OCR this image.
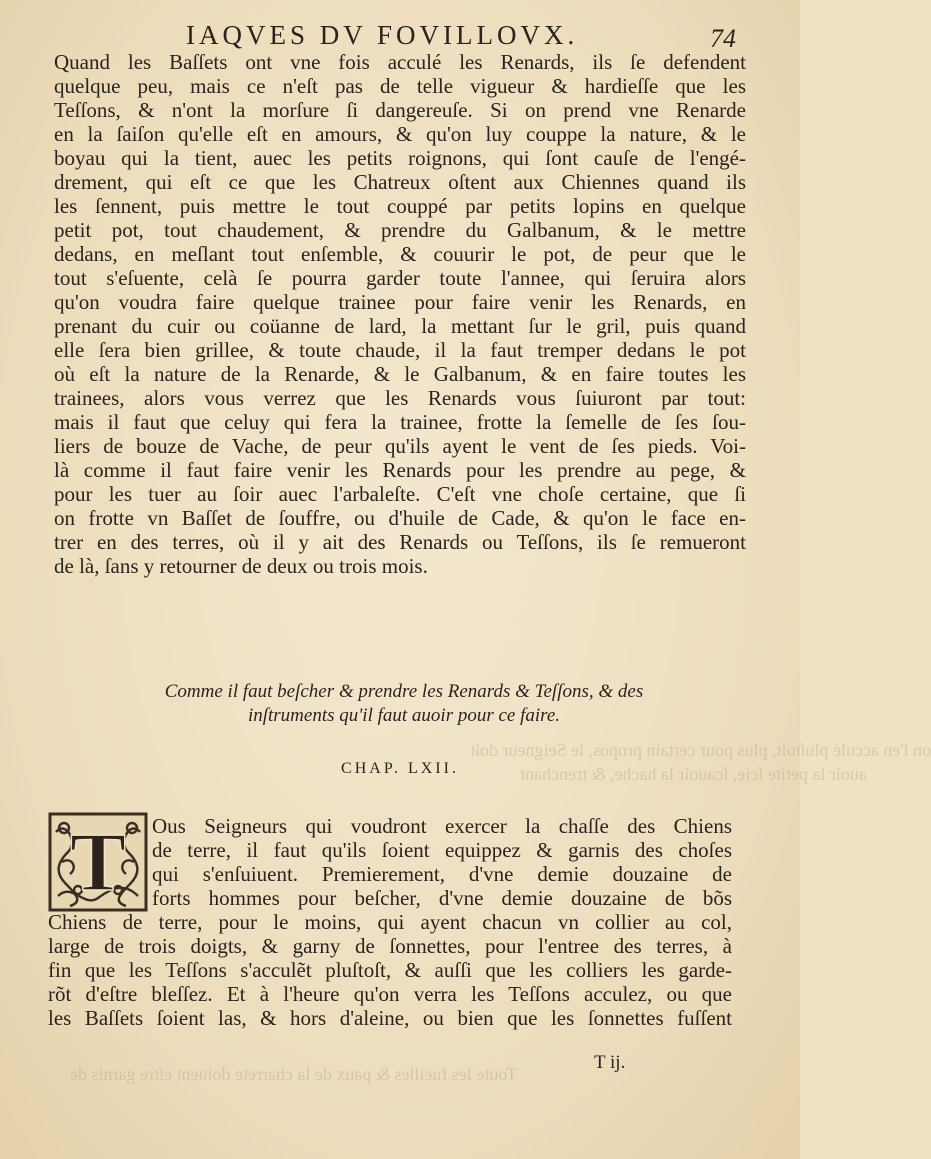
on l'en acculé pluſtoſt, plus pour certain propos, le Seigneur doit
auoir la petite ſcie, ſcauoir la hache, & trenchant
Toute les fueilles & paux de la charrete doiuent eſtre garnis de
IAQVES DV FOVILLOVX.	74
Quand les Baſſets ont vne fois acculé les Renards, ils ſe defendent
quelque peu, mais ce n'eſt pas de telle vigueur & hardieſſe que les
Teſſons, & n'ont la morſure ſi dangereuſe. Si on prend vne Renarde
en la ſaiſon qu'elle eſt en amours, & qu'on luy couppe la nature, & le
boyau qui la tient, auec les petits roignons, qui ſont cauſe de l'engé-
drement, qui eſt ce que les Chatreux oſtent aux Chiennes quand ils
les ſennent, puis mettre le tout couppé par petits lopins en quelque
petit pot, tout chaudement, & prendre du Galbanum, & le mettre
dedans, en meſlant tout enſemble, & couurir le pot, de peur que le
tout s'eſuente, celà ſe pourra garder toute l'annee, qui ſeruira alors
qu'on voudra faire quelque trainee pour faire venir les Renards, en
prenant du cuir ou coüanne de lard, la mettant ſur le gril, puis quand
elle ſera bien grillee, & toute chaude, il la faut tremper dedans le pot
où eſt la nature de la Renarde, & le Galbanum, & en faire toutes les
trainees, alors vous verrez que les Renards vous ſuiuront par tout:
mais il faut que celuy qui fera la trainee, frotte la ſemelle de ſes ſou-
liers de bouze de Vache, de peur qu'ils ayent le vent de ſes pieds. Voi-
là comme il faut faire venir les Renards pour les prendre au pege, &
pour les tuer au ſoir auec l'arbaleſte. C'eſt vne choſe certaine, que ſi
on frotte vn Baſſet de ſouffre, ou d'huile de Cade, & qu'on le face en-
trer en des terres, où il y ait des Renards ou Teſſons, ils ſe remueront
de là, ſans y retourner de deux ou trois mois.
Comme il faut beſcher & prendre les Renards & Teſſons, & des
inſtruments qu'il faut auoir pour ce faire.
CHAP. LXII.
T Ous Seigneurs qui voudront exercer la chaſſe des Chiens
de terre, il faut qu'ils ſoient equippez & garnis des choſes
qui s'enſuiuent. Premierement, d'vne demie douzaine de
forts hommes pour beſcher, d'vne demie douzaine de bõs
Chiens de terre, pour le moins, qui ayent chacun vn collier au col,
large de trois doigts, & garny de ſonnettes, pour l'entree des terres, à
fin que les Teſſons s'acculẽt pluſtoſt, & auſſi que les colliers les garde-
rõt d'eſtre bleſſez. Et à l'heure qu'on verra les Teſſons acculez, ou que
les Baſſets ſoient las, & hors d'aleine, ou bien que les ſonnettes fuſſent
T ij.
